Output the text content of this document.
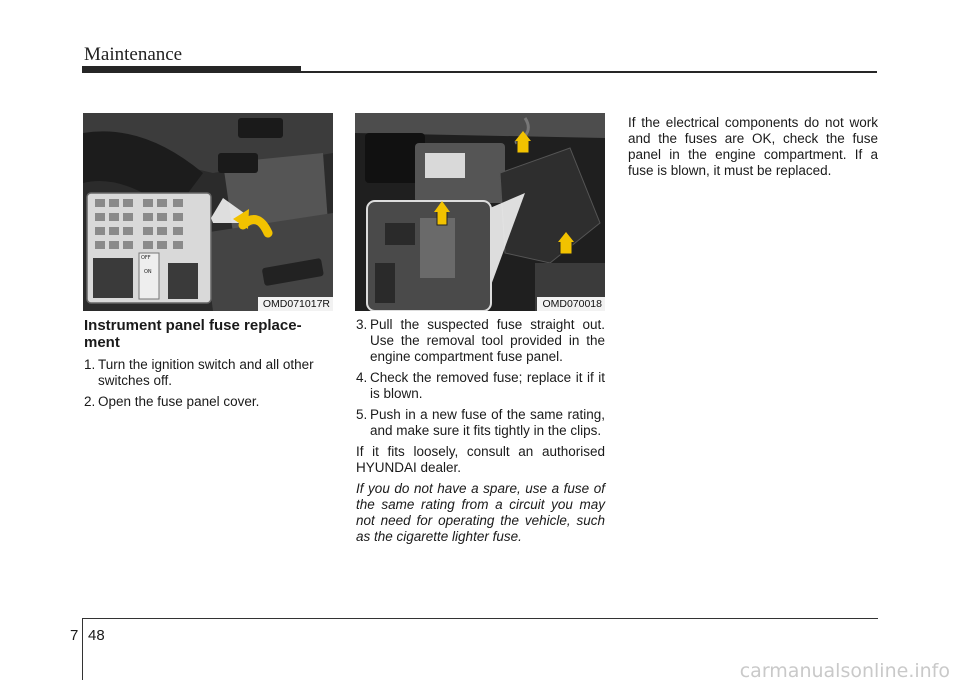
Maintenance
OFF
ON
OMD071017R	OMD070018
Instrument panel fuse replace-ment
1. Turn the ignition switch and all other switches off.
2. Open the fuse panel cover.
3. Pull the suspected fuse straight out. Use the removal tool provided in the engine compartment fuse panel.
4. Check the removed fuse; replace it if it is blown.
5. Push in a new fuse of the same rating, and make sure it fits tightly in the clips.

If it fits loosely, consult an authorised HYUNDAI dealer.

If you do not have a spare, use a fuse of the same rating from a circuit you may not need for operating the vehicle, such as the cigarette lighter fuse.

If the electrical components do not work and the fuses are OK, check the fuse panel in the engine compartment. If a fuse is blown, it must be replaced.

7 48
carmanualsonline.info
